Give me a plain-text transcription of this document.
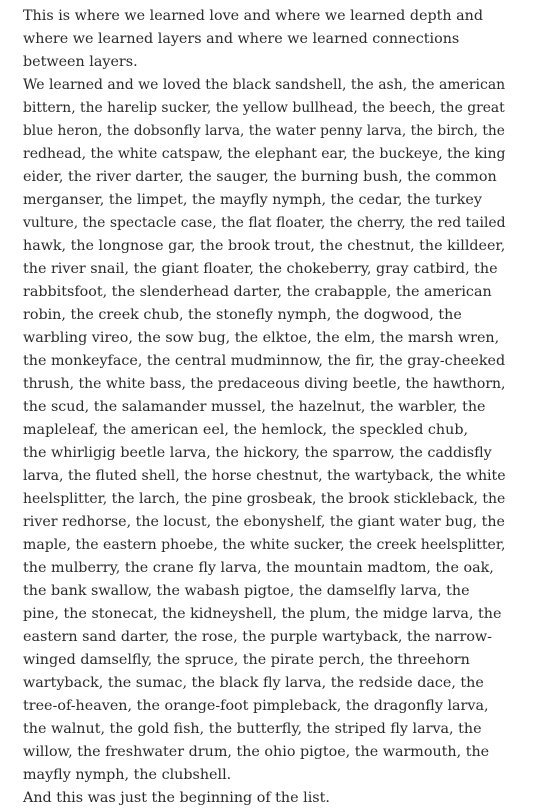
This is where we learned love and where we learned depth and
where we learned layers and where we learned connections
between layers.

We learned and we loved the black sandshell, the ash, the american
bittern, the harelip sucker, the yellow bullhead, the beech, the great
blue heron, the dobsonfly larva, the water penny larva, the birch, the
redhead, the white catspaw, the elephant ear, the buckeye, the king
eider, the river darter, the sauger, the burning bush, the common
merganser, the limpet, the mayfly nymph, the cedar, the turkey
vulture, the spectacle case, the flat floater, the cherry, the red tailed
hawk, the longnose gar, the brook trout, the chestnut, the killdeer,
the river snail, the giant floater, the chokeberry, gray catbird, the
rabbitsfoot, the slenderhead darter, the crabapple, the american
robin, the creek chub, the stonefly nymph, the dogwood, the
warbling vireo, the sow bug, the elktoe, the elm, the marsh wren,
the monkeyface, the central mudminnow, the fir, the gray-cheeked
thrush, the white bass, the predaceous diving beetle, the hawthorn,
the scud, the salamander mussel, the hazelnut, the warbler, the
mapleleaf, the american eel, the hemlock, the speckled chub,
the whirligig beetle larva, the hickory, the sparrow, the caddisfly
larva, the fluted shell, the horse chestnut, the wartyback, the white
heelsplitter, the larch, the pine grosbeak, the brook stickleback, the
river redhorse, the locust, the ebonyshelf, the giant water bug, the
maple, the eastern phoebe, the white sucker, the creek heelsplitter,
the mulberry, the crane fly larva, the mountain madtom, the oak,
the bank swallow, the wabash pigtoe, the damselfly larva, the
pine, the stonecat, the kidneyshell, the plum, the midge larva, the
eastern sand darter, the rose, the purple wartyback, the narrow-
winged damselfly, the spruce, the pirate perch, the threehorn
wartyback, the sumac, the black fly larva, the redside dace, the
tree-of-heaven, the orange-foot pimpleback, the dragonfly larva,
the walnut, the gold fish, the butterfly, the striped fly larva, the
willow, the freshwater drum, the ohio pigtoe, the warmouth, the
mayfly nymph, the clubshell.

And this was just the beginning of the list.
